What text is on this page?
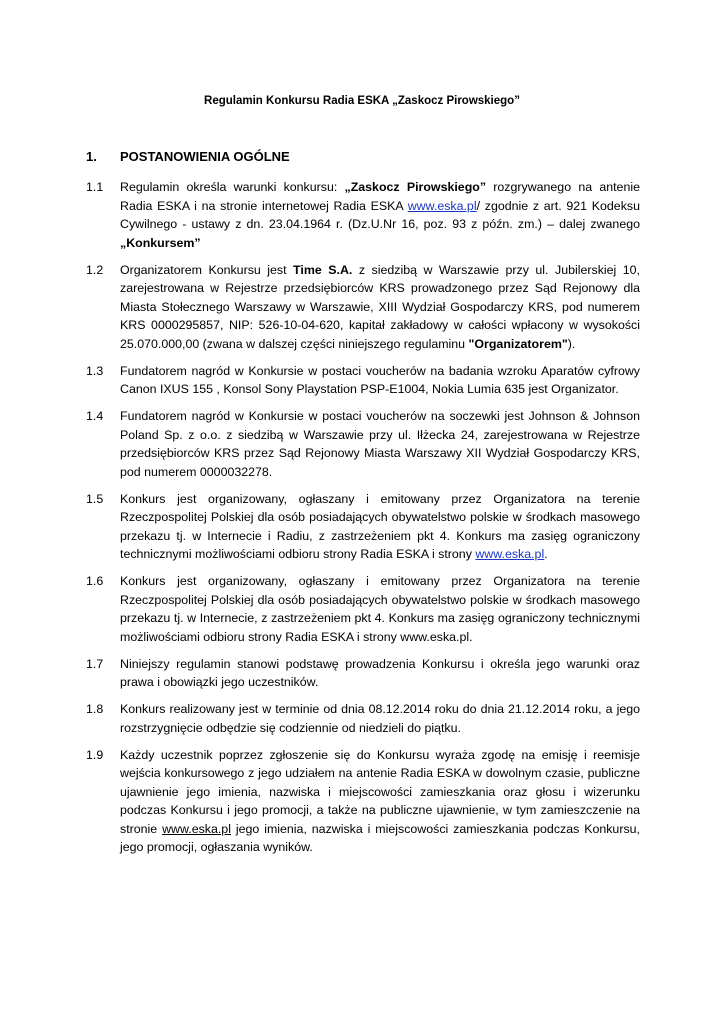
Regulamin Konkursu Radia ESKA „Zaskocz Pirowskiego”
1. POSTANOWIENIA OGÓLNE
1.1	Regulamin określa warunki konkursu: „Zaskocz Pirowskiego” rozgrywanego na antenie Radia ESKA i na stronie internetowej Radia ESKA www.eska.pl/ zgodnie z art. 921 Kodeksu Cywilnego - ustawy z dn. 23.04.1964 r. (Dz.U.Nr 16, poz. 93 z późn. zm.) – dalej zwanego „Konkursem”
1.2	Organizatorem Konkursu jest Time S.A. z siedzibą w Warszawie przy ul. Jubilerskiej 10, zarejestrowana w Rejestrze przedsiębiorców KRS prowadzonego przez Sąd Rejonowy dla Miasta Stołecznego Warszawy w Warszawie, XIII Wydział Gospodarczy KRS, pod numerem KRS 0000295857, NIP: 526-10-04-620, kapitał zakładowy w całości wpłacony w wysokości 25.070.000,00 (zwana w dalszej części niniejszego regulaminu "Organizatorem").
1.3	Fundatorem nagród w Konkursie w postaci voucherów na badania wzroku Aparatów cyfrowy Canon IXUS 155 , Konsol Sony Playstation PSP-E1004, Nokia Lumia 635 jest Organizator.
1.4	Fundatorem nagród w Konkursie w postaci voucherów na soczewki jest Johnson & Johnson Poland Sp. z o.o. z siedzibą w Warszawie przy ul. Iłżecka 24, zarejestrowana w Rejestrze przedsiębiorców KRS przez Sąd Rejonowy Miasta Warszawy XII Wydział Gospodarczy KRS, pod numerem 0000032278.
1.5	Konkurs jest organizowany, ogłaszany i emitowany przez Organizatora na terenie Rzeczpospolitej Polskiej dla osób posiadających obywatelstwo polskie w środkach masowego przekazu tj. w Internecie i Radiu, z zastrzeżeniem pkt 4. Konkurs ma zasięg ograniczony technicznymi możliwościami odbioru strony Radia ESKA i strony www.eska.pl.
1.6	Konkurs jest organizowany, ogłaszany i emitowany przez Organizatora na terenie Rzeczpospolitej Polskiej dla osób posiadających obywatelstwo polskie w środkach masowego przekazu tj. w Internecie, z zastrzeżeniem pkt 4. Konkurs ma zasięg ograniczony technicznymi możliwościami odbioru strony Radia ESKA i strony www.eska.pl.
1.7	Niniejszy regulamin stanowi podstawę prowadzenia Konkursu i określa jego warunki oraz prawa i obowiązki jego uczestników.
1.8	Konkurs realizowany jest w terminie od dnia 08.12.2014 roku do dnia 21.12.2014 roku, a jego rozstrzygnięcie odbędzie się codziennie od niedzieli do piątku.
1.9	Każdy uczestnik poprzez zgłoszenie się do Konkursu wyraża zgodę na emisję i reemisje wejścia konkursowego z jego udziałem na antenie Radia ESKA w dowolnym czasie, publiczne ujawnienie jego imienia, nazwiska i miejscowości zamieszkania oraz głosu i wizerunku podczas Konkursu i jego promocji, a także na publiczne ujawnienie, w tym zamieszczenie na stronie www.eska.pl jego imienia, nazwiska i miejscowości zamieszkania podczas Konkursu, jego promocji, ogłaszania wyników.
